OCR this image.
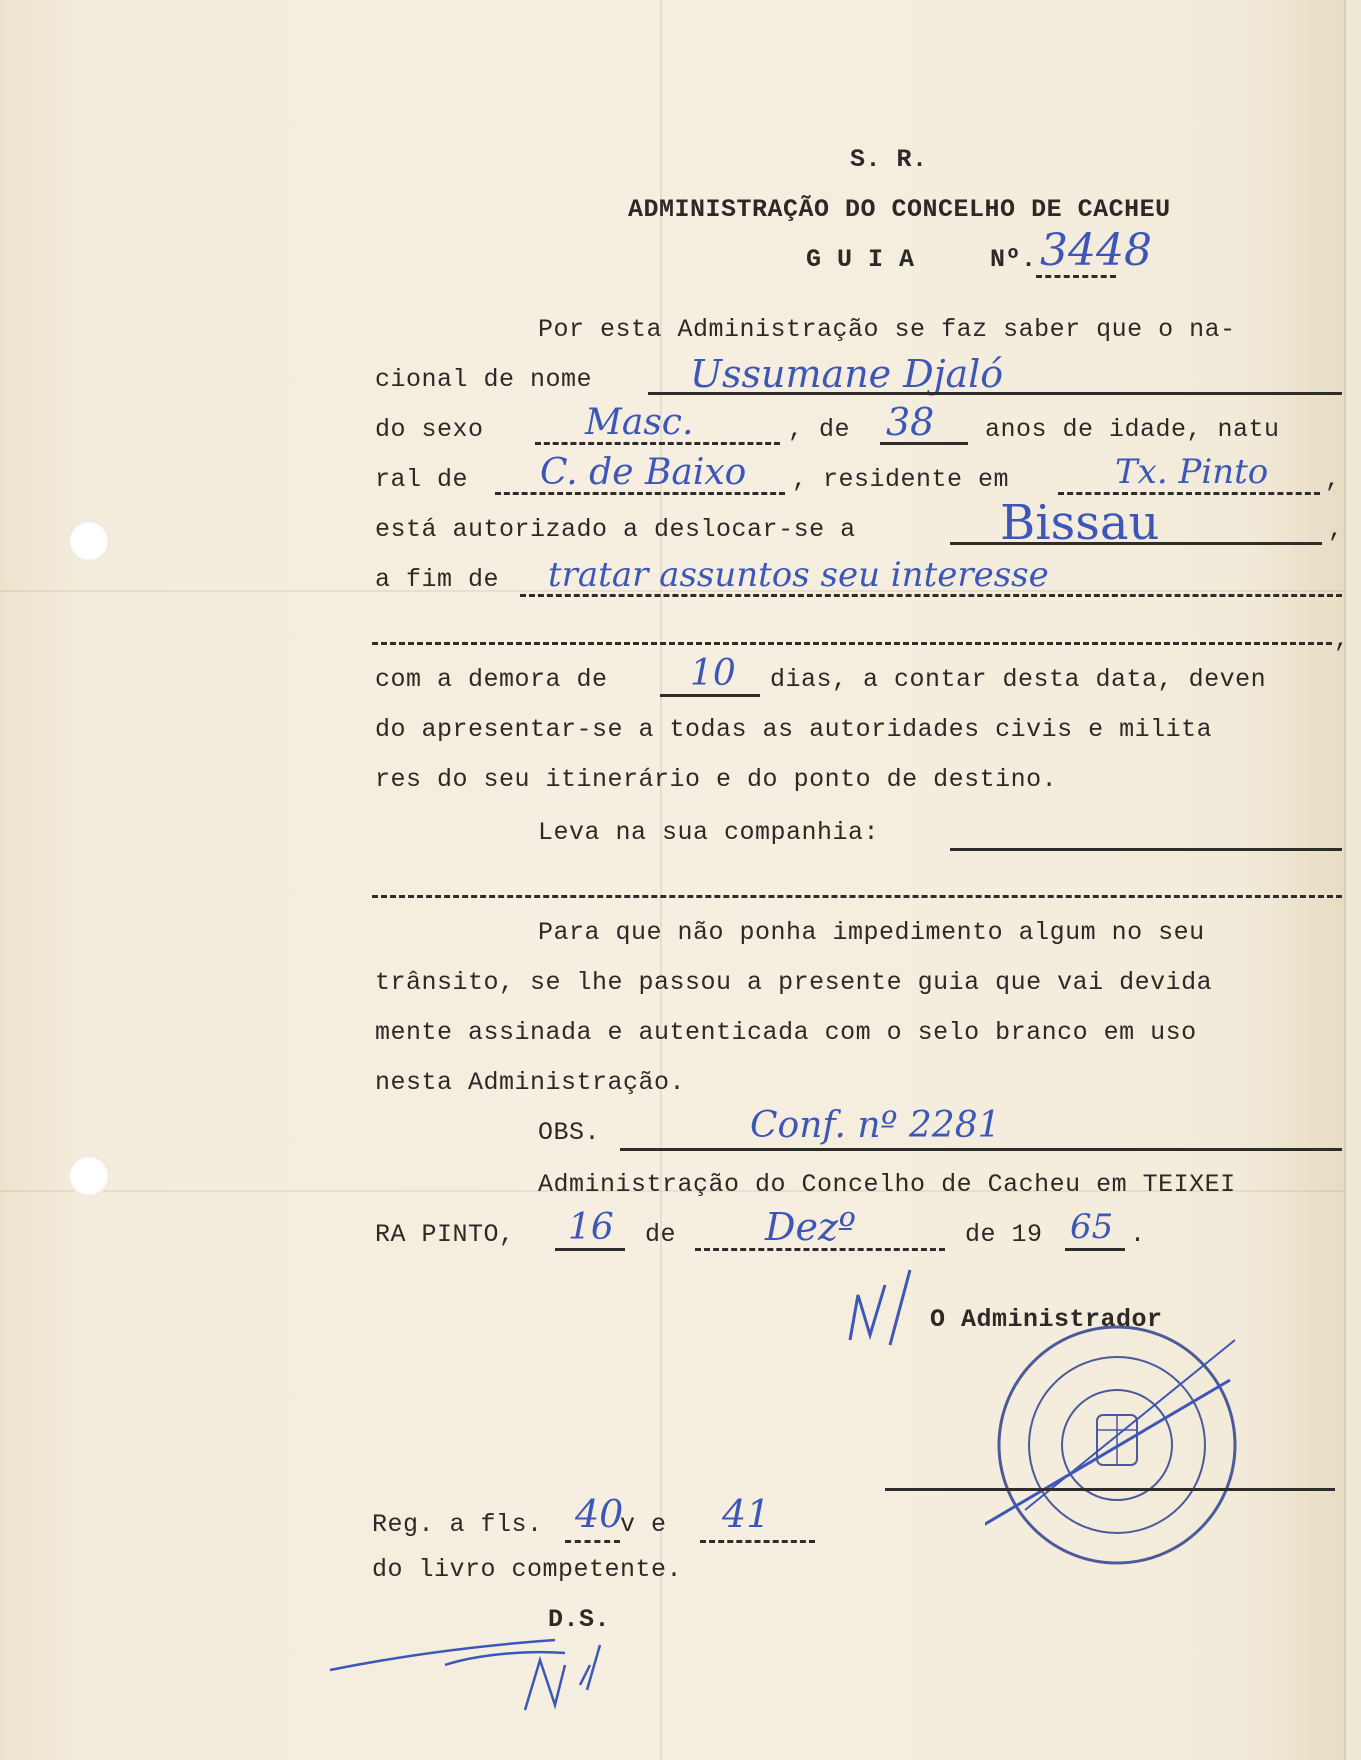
S. R.
ADMINISTRAÇÃO DO CONCELHO DE CACHEU
G U I A	Nº. 3448
Por esta Administração se faz saber que o na-
cional de nome	Ussumane Djaló
do sexo	Masc.	, de 38 anos de idade, natu
ral de C. de Baixo , residente em	Tx. Pinto ,
está autorizado a deslocar-se a	Bissau	,
a fim de tratar assuntos seu interesse
,
com a demora de 10 dias, a contar desta data, deven
do apresentar-se a todas as autoridades civis e milita
res do seu itinerário e do ponto de destino.
Leva na sua companhia:
Para que não ponha impedimento algum no seu
trânsito, se lhe passou a presente guia que vai devida
mente assinada e autenticada com o selo branco em uso
nesta Administração.
OBS.	Conf. nº 2281
Administração do Concelho de Cacheu em TEIXEI
RA PINTO, 16 de Dezº	de 19 65 .
O Administrador
Reg. a fls. 40
v e 41
do livro competente.
D.S.
